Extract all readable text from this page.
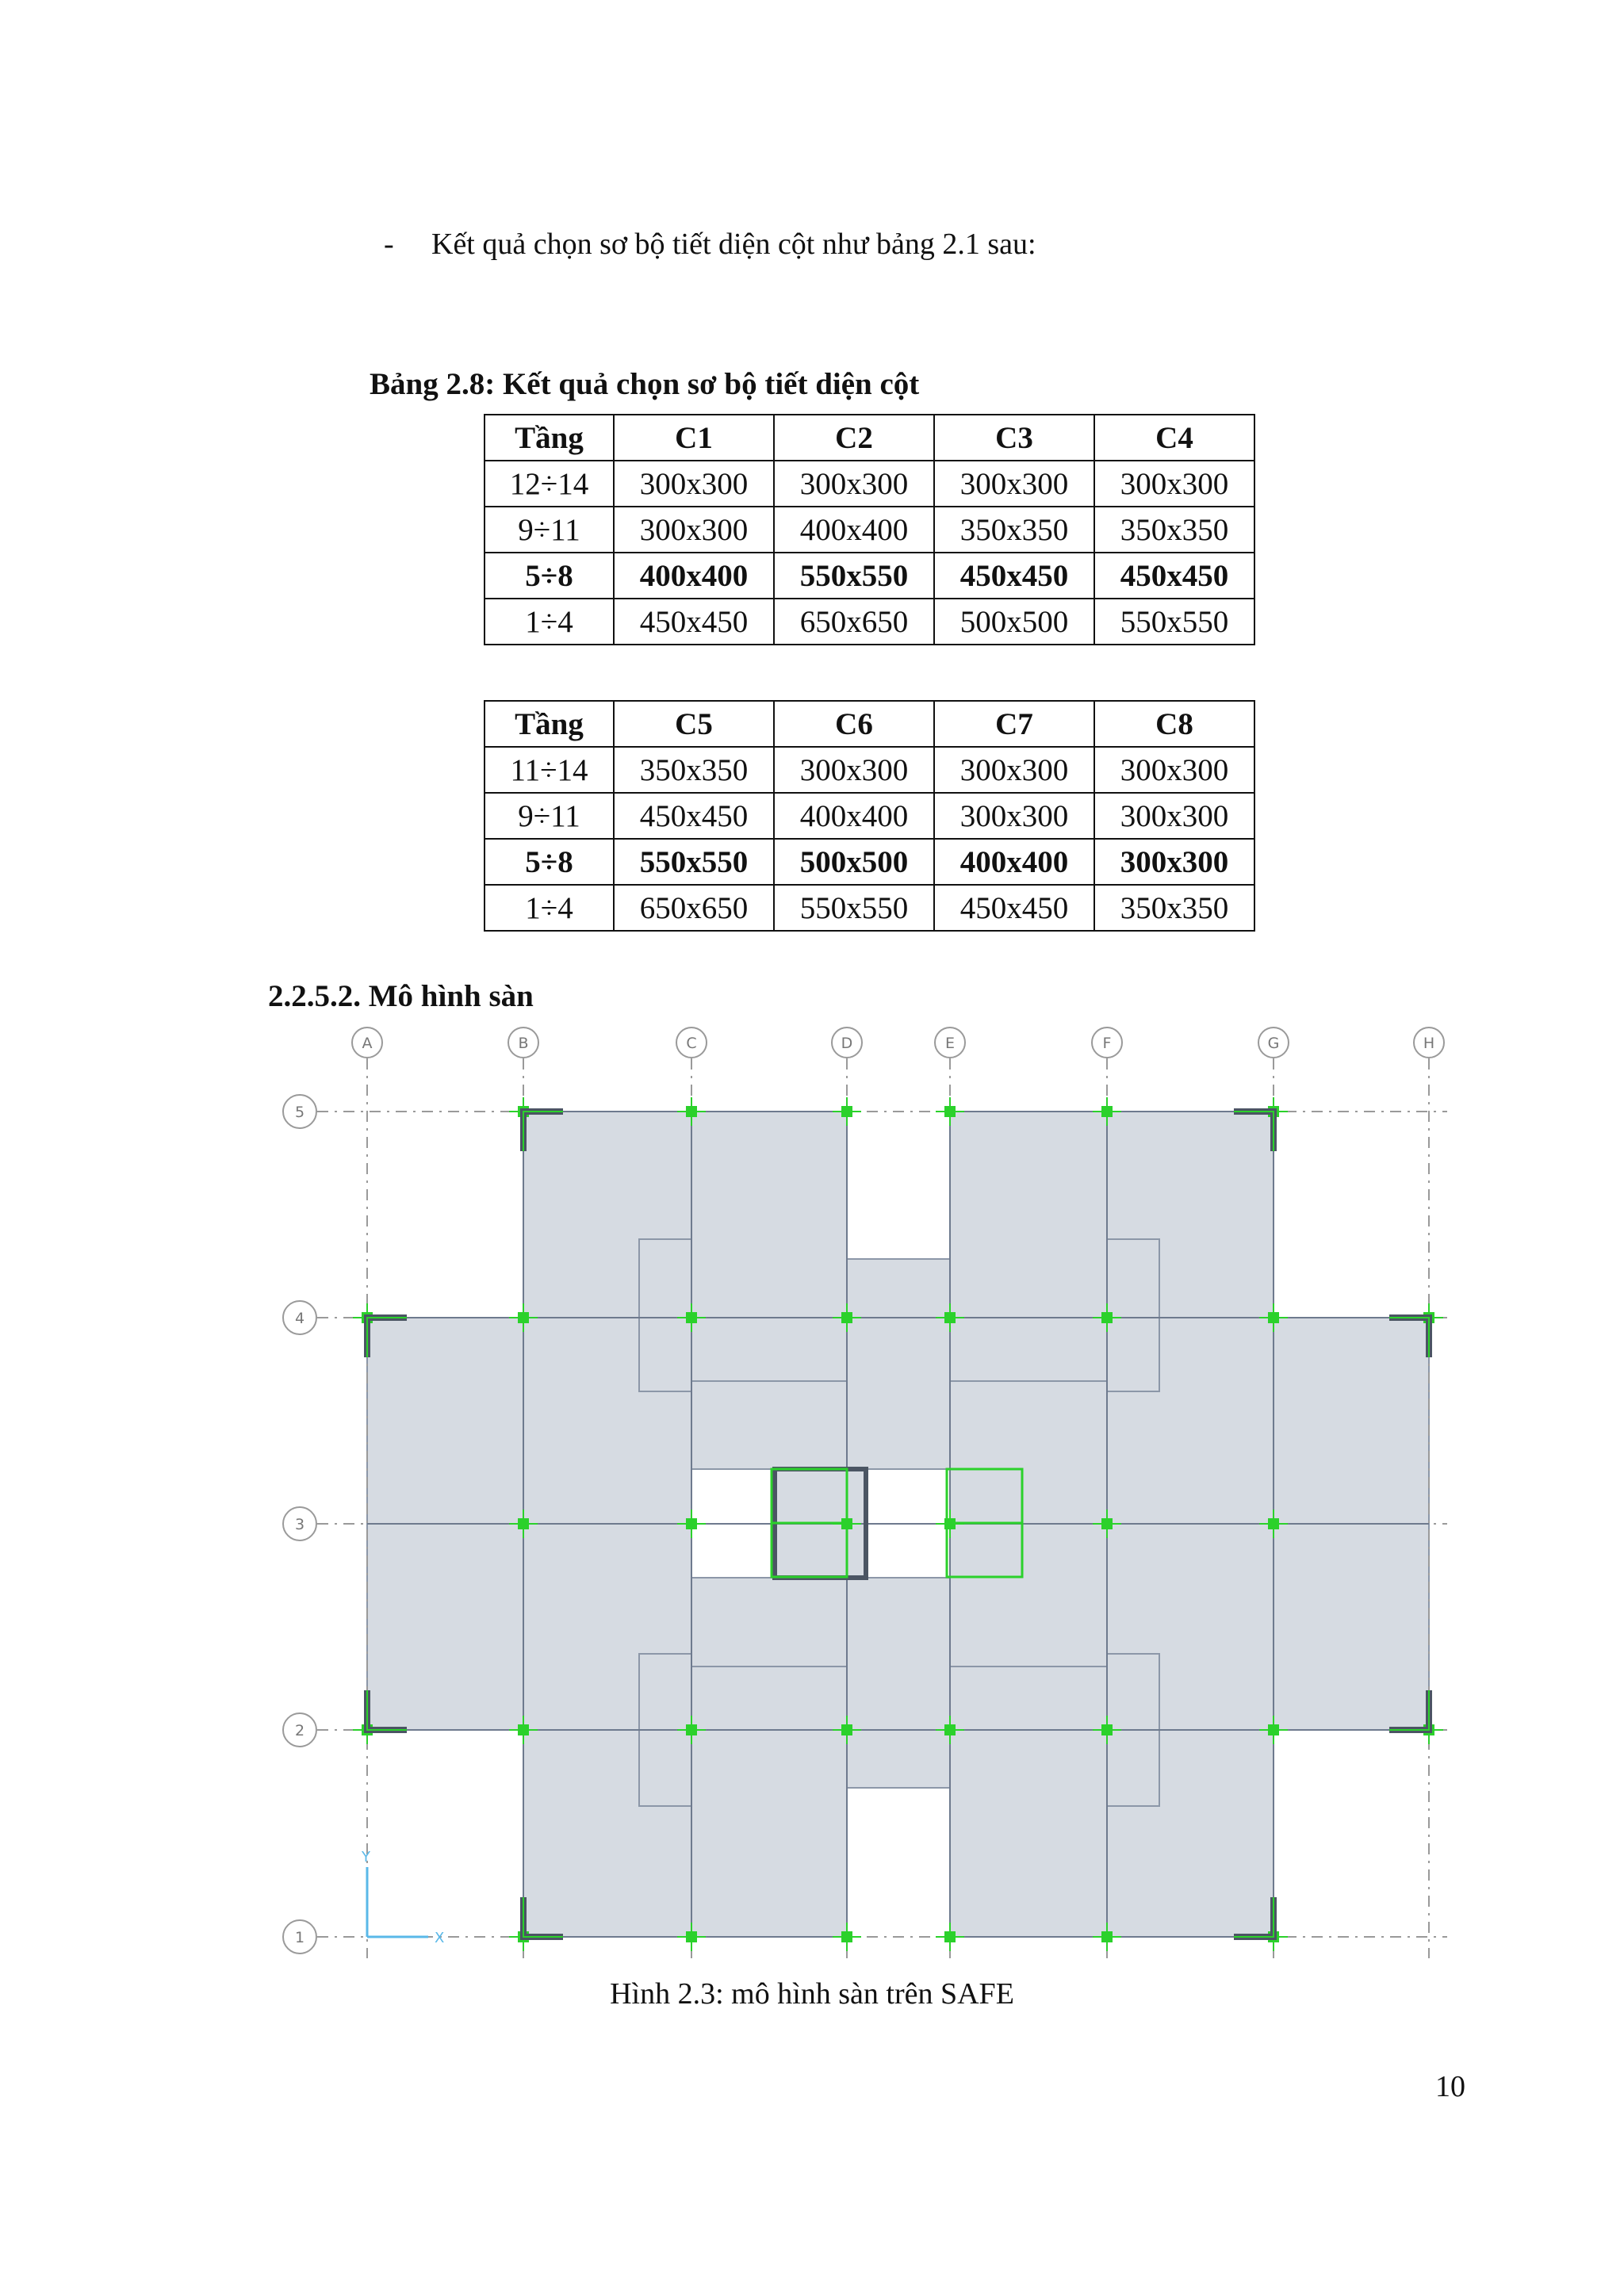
- Kết quả chọn sơ bộ tiết diện cột như bảng 2.1 sau:
Bảng 2.8: Kết quả chọn sơ bộ tiết diện cột
Tầng	C1	C2	C3	C4
12÷14	300x300	300x300	300x300	300x300
9÷11	300x300	400x400	350x350	350x350
5÷8	400x400	550x550	450x450	450x450
1÷4	450x450	650x650	500x500	550x550
Tầng	C5	C6	C7	C8
11÷14	350x350	300x300	300x300	300x300
9÷11	450x450	400x400	300x300	300x300
5÷8	550x550	500x500	400x400	300x300
1÷4	650x650	550x550	450x450	350x350
2.2.5.2. Mô hình sàn
A	B	C	D	E	F	G	H
5
4
3
2
1	X
Y
Hình 2.3: mô hình sàn trên SAFE
10
